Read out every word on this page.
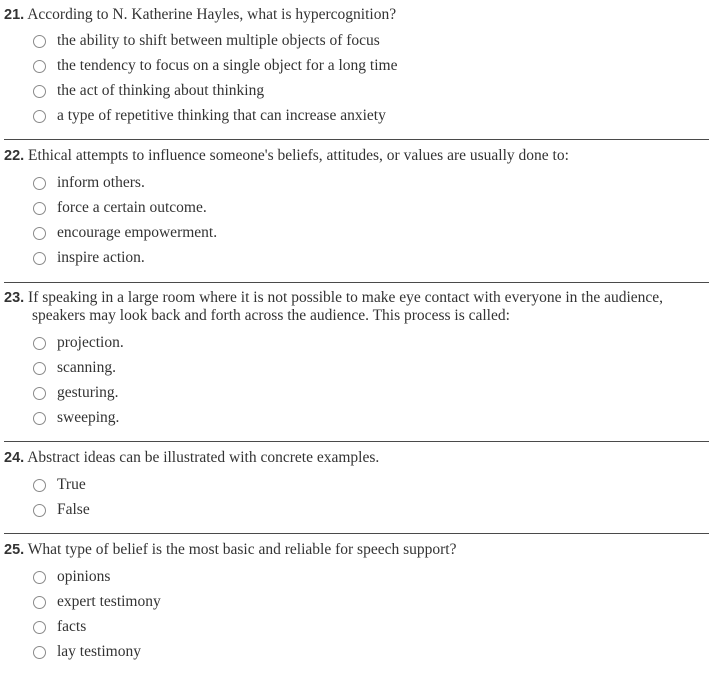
21. According to N. Katherine Hayles, what is hypercognition?
the ability to shift between multiple objects of focus
the tendency to focus on a single object for a long time
the act of thinking about thinking
a type of repetitive thinking that can increase anxiety
22. Ethical attempts to influence someone's beliefs, attitudes, or values are usually done to:
inform others.
force a certain outcome.
encourage empowerment.
inspire action.
23. If speaking in a large room where it is not possible to make eye contact with everyone in the audience,
speakers may look back and forth across the audience. This process is called:
projection.
scanning.
gesturing.
sweeping.
24. Abstract ideas can be illustrated with concrete examples.
True
False
25. What type of belief is the most basic and reliable for speech support?
opinions
expert testimony
facts
lay testimony
